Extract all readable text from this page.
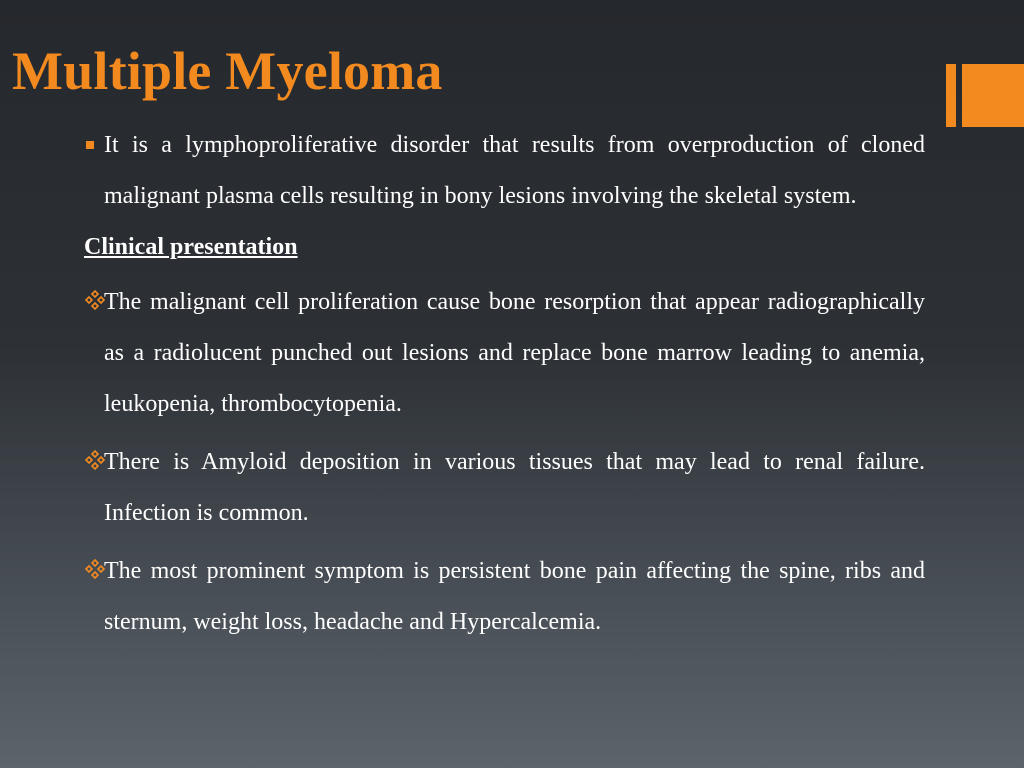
Multiple Myeloma
It is a lymphoproliferative disorder that results from overproduction of cloned malignant plasma cells resulting in bony lesions involving the skeletal system.
Clinical presentation
The malignant cell proliferation cause bone resorption that appear radiographically as a radiolucent punched out lesions and replace bone marrow leading to anemia, leukopenia, thrombocytopenia.
There is Amyloid deposition in various tissues that may lead to renal failure. Infection is common.
The most prominent symptom is persistent bone pain affecting the spine, ribs and sternum, weight loss, headache and Hypercalcemia.
